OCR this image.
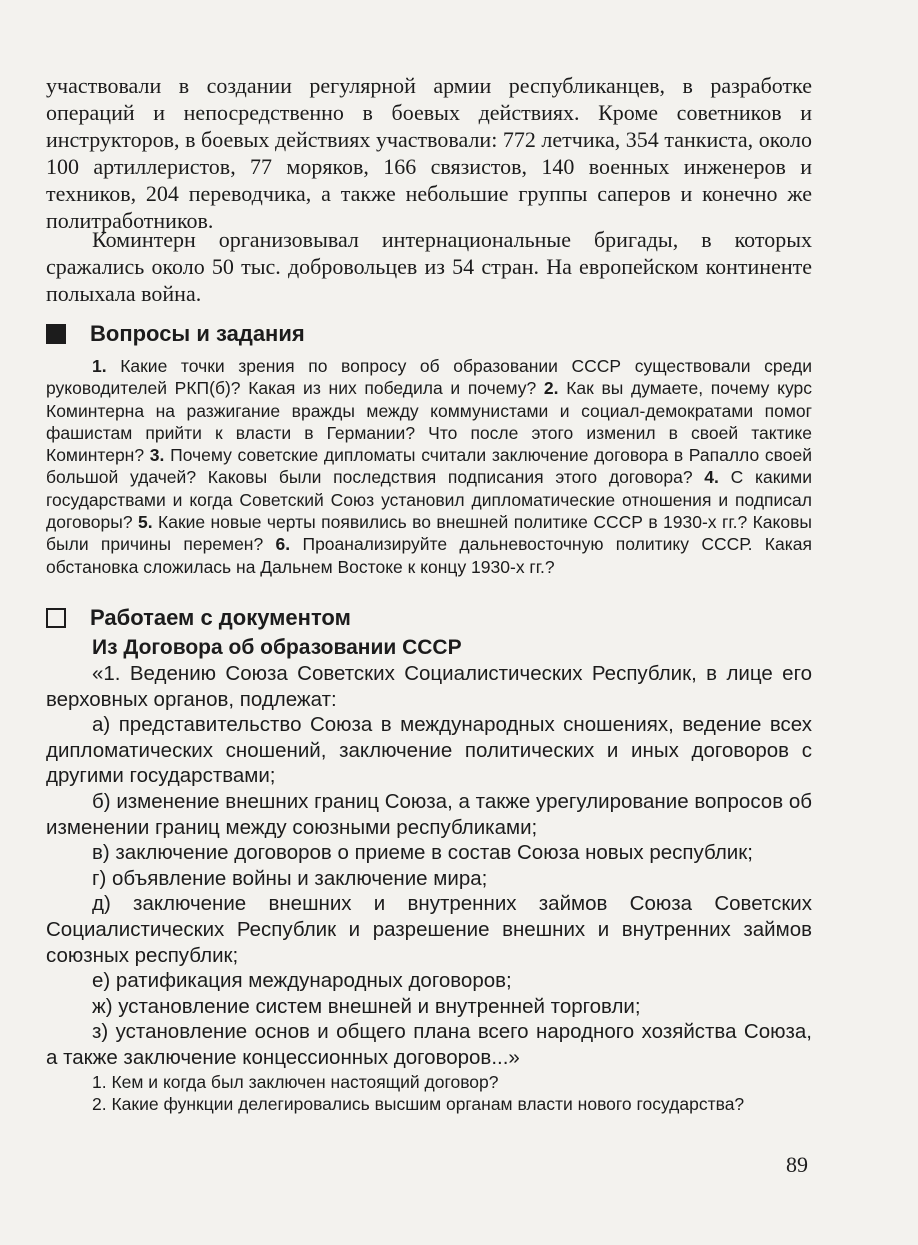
участвовали в создании регулярной армии республиканцев, в разработке операций и непосредственно в боевых действиях. Кроме советников и инструкторов, в боевых действиях участвовали: 772 летчика, 354 танкиста, около 100 артиллеристов, 77 моряков, 166 связистов, 140 военных инженеров и техников, 204 переводчика, а также небольшие группы саперов и конечно же политработников.
Коминтерн организовывал интернациональные бригады, в которых сражались около 50 тыс. добровольцев из 54 стран. На европейском континенте полыхала война.
Вопросы и задания
1. Какие точки зрения по вопросу об образовании СССР существовали среди руководителей РКП(б)? Какая из них победила и почему? 2. Как вы думаете, почему курс Коминтерна на разжигание вражды между коммунистами и социал-демократами помог фашистам прийти к власти в Германии? Что после этого изменил в своей тактике Коминтерн? 3. Почему советские дипломаты считали заключение договора в Рапалло своей большой удачей? Каковы были последствия подписания этого договора? 4. С какими государствами и когда Советский Союз установил дипломатические отношения и подписал договоры? 5. Какие новые черты появились во внешней политике СССР в 1930-х гг.? Каковы были причины перемен? 6. Проанализируйте дальневосточную политику СССР. Какая обстановка сложилась на Дальнем Востоке к концу 1930-х гг.?
Работаем с документом
Из Договора об образовании СССР

«1. Ведению Союза Советских Социалистических Республик, в лице его верховных органов, подлежат:

а) представительство Союза в международных сношениях, ведение всех дипломатических сношений, заключение политических и иных договоров с другими государствами;

б) изменение внешних границ Союза, а также урегулирование вопросов об изменении границ между союзными республиками;

в) заключение договоров о приеме в состав Союза новых республик;

г) объявление войны и заключение мира;

д) заключение внешних и внутренних займов Союза Советских Социалистических Республик и разрешение внешних и внутренних займов союзных республик;

е) ратификация международных договоров;

ж) установление систем внешней и внутренней торговли;

з) установление основ и общего плана всего народного хозяйства Союза, а также заключение концессионных договоров...»

1. Кем и когда был заключен настоящий договор?

2. Какие функции делегировались высшим органам власти нового государства?

89
